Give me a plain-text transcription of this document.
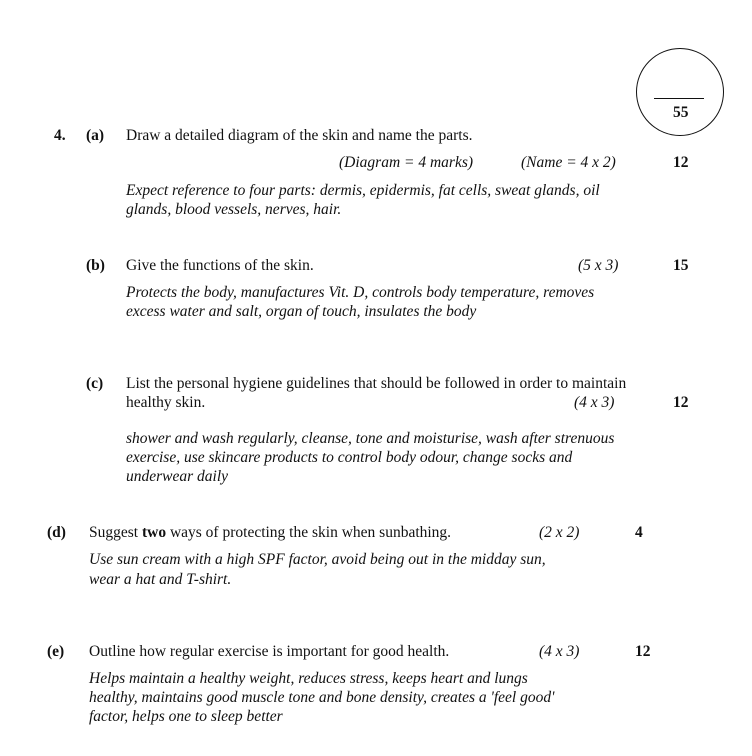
55
4. (a) Draw a detailed diagram of the skin and name the parts.
(Diagram = 4 marks)	(Name = 4 x 2)	12
Expect reference to four parts: dermis, epidermis, fat cells, sweat glands, oil
glands, blood vessels, nerves, hair.
(b) Give the functions of the skin.	(5 x 3)	15
Protects the body, manufactures Vit. D, controls body temperature, removes
excess water and salt, organ of touch, insulates the body
(c) List the personal hygiene guidelines that should be followed in order to maintain
healthy skin.	(4 x 3)	12
shower and wash regularly, cleanse, tone and moisturise, wash after strenuous
exercise, use skincare products to control body odour, change socks and
underwear daily
(d) Suggest two ways of protecting the skin when sunbathing.	(2 x 2)	4
Use sun cream with a high SPF factor, avoid being out in the midday sun,
wear a hat and T-shirt.
(e) Outline how regular exercise is important for good health.	(4 x 3)	12
Helps maintain a healthy weight, reduces stress, keeps heart and lungs
healthy, maintains good muscle tone and bone density, creates a 'feel good'
factor, helps one to sleep better
